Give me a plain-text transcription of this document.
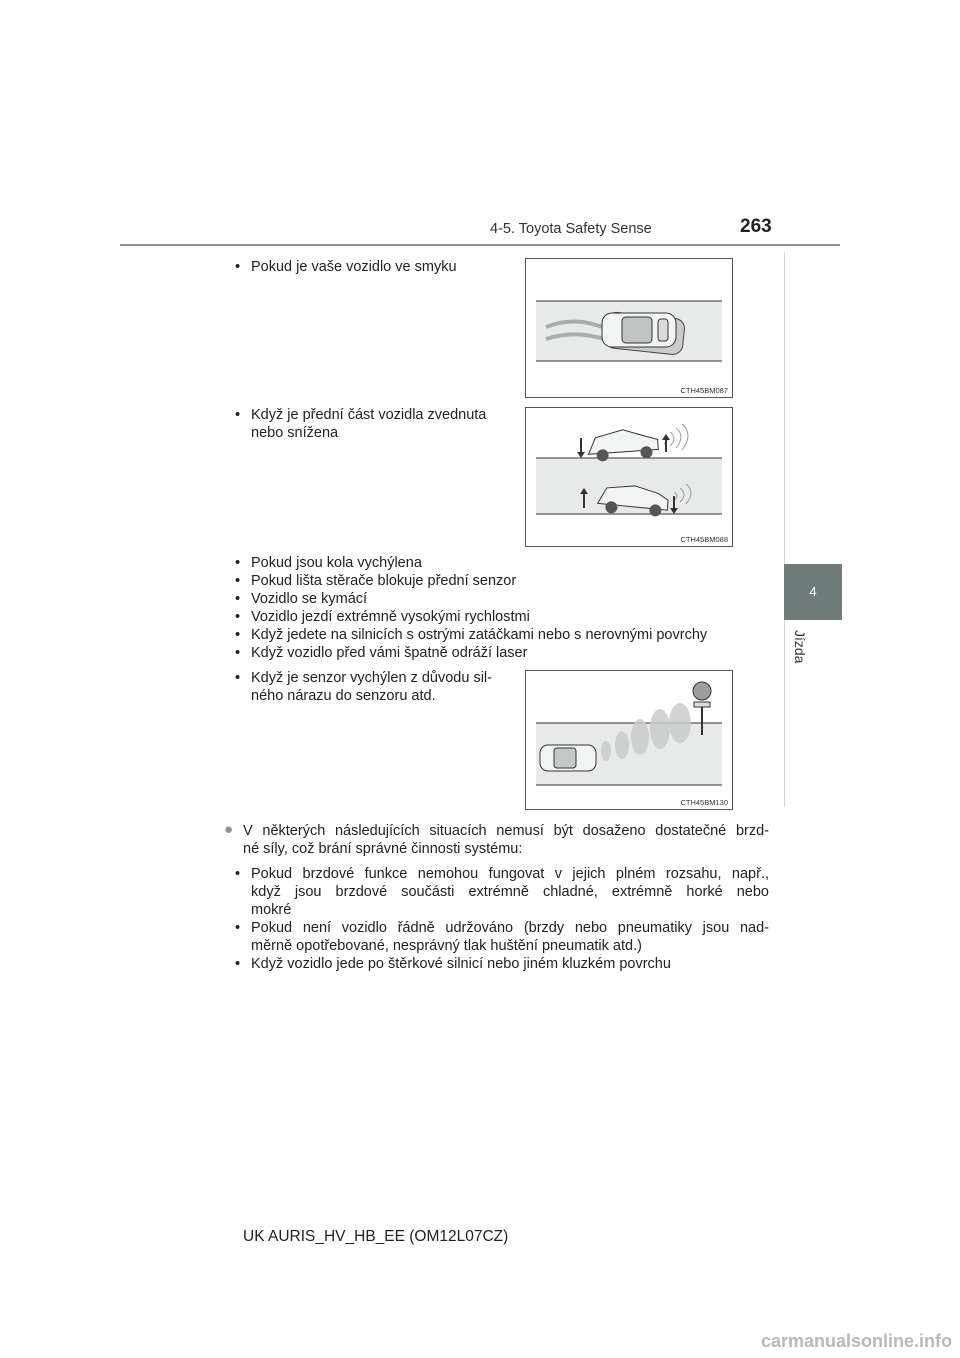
4-5. Toyota Safety Sense	263
4
Jízda
• Pokud je vaše vozidlo ve smyku
CTH45BM087
• Když je přední část vozidla zvednuta
nebo snížena
CTH45BM088
• Pokud jsou kola vychýlena
• Pokud lišta stěrače blokuje přední senzor
• Vozidlo se kymácí
• Vozidlo jezdí extrémně vysokými rychlostmi
• Když jedete na silnicích s ostrými zatáčkami nebo s nerovnými povrchy
• Když vozidlo před vámi špatně odráží laser
• Když je senzor vychýlen z důvodu sil-
ného nárazu do senzoru atd.
CTH45BM130
● V některých následujících situacích nemusí být dosaženo dostatečné brzd-
né síly, což brání správné činnosti systému:
• Pokud brzdové funkce nemohou fungovat v jejich plném rozsahu, např.,
když jsou brzdové součásti extrémně chladné, extrémně horké nebo
mokré
• Pokud není vozidlo řádně udržováno (brzdy nebo pneumatiky jsou nad-
měrně opotřebované, nesprávný tlak huštění pneumatik atd.)
• Když vozidlo jede po štěrkové silnicí nebo jiném kluzkém povrchu
UK AURIS_HV_HB_EE (OM12L07CZ)
carmanualsonline.info
